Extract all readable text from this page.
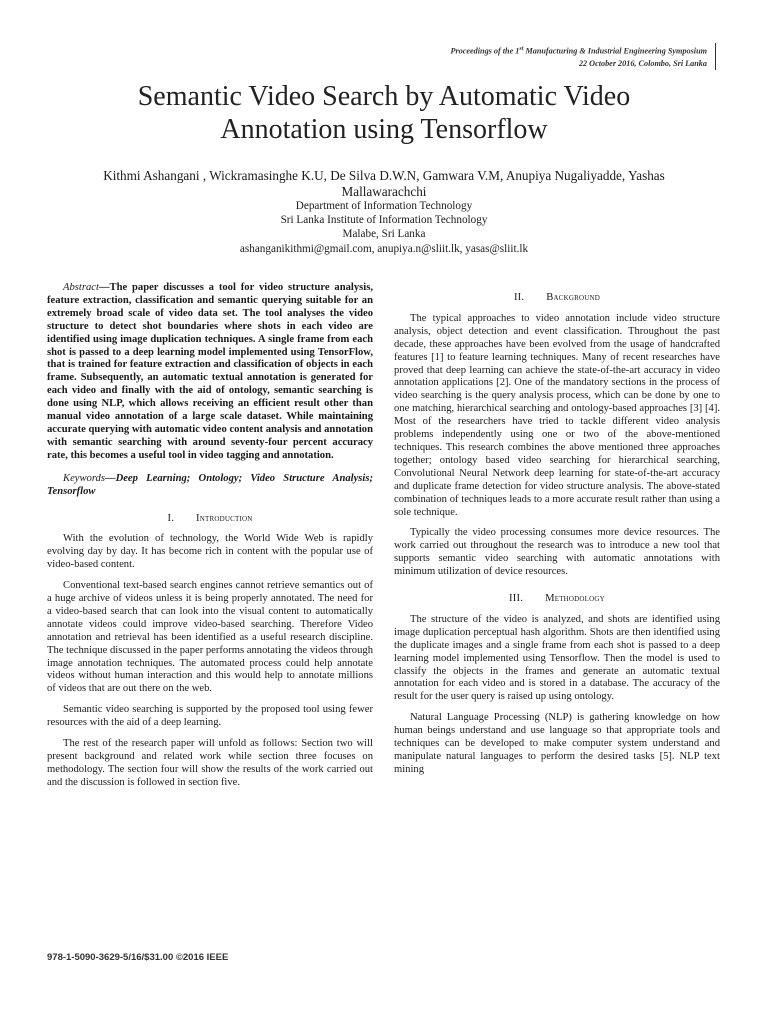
Proceedings of the 1st Manufacturing & Industrial Engineering Symposium
22 October 2016, Colombo, Sri Lanka
Semantic Video Search by Automatic Video
Annotation using Tensorflow
Kithmi Ashangani , Wickramasinghe K.U, De Silva D.W.N, Gamwara V.M, Anupiya Nugaliyadde, Yashas Mallawarachchi
Department of Information Technology
Sri Lanka Institute of Information Technology
Malabe, Sri Lanka
ashanganikithmi@gmail.com, anupiya.n@sliit.lk, yasas@sliit.lk

Abstract—The paper discusses a tool for video structure analysis, feature extraction, classification and semantic querying suitable for an extremely broad scale of video data set. The tool analyses the video structure to detect shot boundaries where shots in each video are identified using image duplication techniques. A single frame from each shot is passed to a deep learning model implemented using TensorFlow, that is trained for feature extraction and classification of objects in each frame. Subsequently, an automatic textual annotation is generated for each video and finally with the aid of ontology, semantic searching is done using NLP, which allows receiving an efficient result other than manual video annotation of a large scale dataset. While maintaining accurate querying with automatic video content analysis and annotation with semantic searching with around seventy-four percent accuracy rate, this becomes a useful tool in video tagging and annotation.

Keywords—Deep Learning; Ontology; Video Structure Analysis; Tensorflow

I. Introduction

With the evolution of technology, the World Wide Web is rapidly evolving day by day. It has become rich in content with the popular use of video-based content.

Conventional text-based search engines cannot retrieve semantics out of a huge archive of videos unless it is being properly annotated. The need for a video-based search that can look into the visual content to automatically annotate videos could improve video-based searching. Therefore Video annotation and retrieval has been identified as a useful research discipline. The technique discussed in the paper performs annotating the videos through image annotation techniques. The automated process could help annotate videos without human interaction and this would help to annotate millions of videos that are out there on the web.

Semantic video searching is supported by the proposed tool using fewer resources with the aid of a deep learning.

The rest of the research paper will unfold as follows: Section two will present background and related work while section three focuses on methodology. The section four will show the results of the work carried out and the discussion is followed in section five.

II. Background

The typical approaches to video annotation include video structure analysis, object detection and event classification. Throughout the past decade, these approaches have been evolved from the usage of handcrafted features [1] to feature learning techniques. Many of recent researches have proved that deep learning can achieve the state-of-the-art accuracy in video annotation applications [2]. One of the mandatory sections in the process of video searching is the query analysis process, which can be done by one to one matching, hierarchical searching and ontology-based approaches [3] [4]. Most of the researchers have tried to tackle different video analysis problems independently using one or two of the above-mentioned techniques. This research combines the above mentioned three approaches together; ontology based video searching for hierarchical searching, Convolutional Neural Network deep learning for state-of-the-art accuracy and duplicate frame detection for video structure analysis. The above-stated combination of techniques leads to a more accurate result rather than using a sole technique.

Typically the video processing consumes more device resources. The work carried out throughout the research was to introduce a new tool that supports semantic video searching with automatic annotations with minimum utilization of device resources.

III. Methodology

The structure of the video is analyzed, and shots are identified using image duplication perceptual hash algorithm. Shots are then identified using the duplicate images and a single frame from each shot is passed to a deep learning model implemented using Tensorflow. Then the model is used to classify the objects in the frames and generate an automatic textual annotation for each video and is stored in a database. The accuracy of the result for the user query is raised up using ontology.

Natural Language Processing (NLP) is gathering knowledge on how human beings understand and use language so that appropriate tools and techniques can be developed to make computer system understand and manipulate natural languages to perform the desired tasks [5]. NLP text mining

978-1-5090-3629-5/16/$31.00 ©2016 IEEE
